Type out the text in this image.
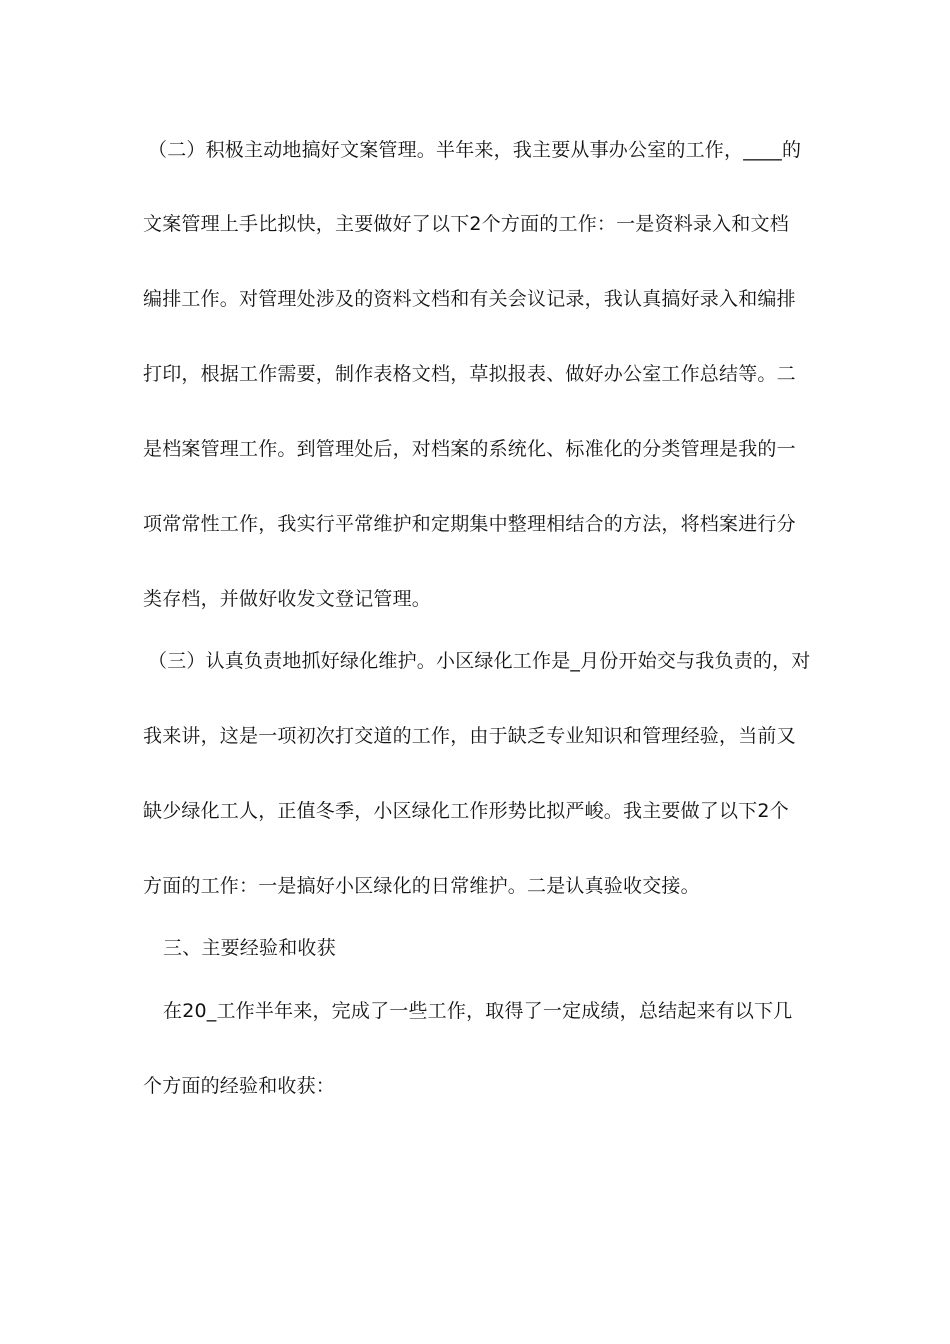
（二）积极主动地搞好文案管理。半年来，我主要从事办公室的工作，____的
文案管理上手比拟快，主要做好了以下2个方面的工作：一是资料录入和文档
编排工作。对管理处涉及的资料文档和有关会议记录，我认真搞好录入和编排
打印，根据工作需要，制作表格文档，草拟报表、做好办公室工作总结等。二
是档案管理工作。到管理处后，对档案的系统化、标准化的分类管理是我的一
项常常性工作，我实行平常维护和定期集中整理相结合的方法，将档案进行分
类存档，并做好收发文登记管理。
（三）认真负责地抓好绿化维护。小区绿化工作是_月份开始交与我负责的，对
我来讲，这是一项初次打交道的工作，由于缺乏专业知识和管理经验，当前又
缺少绿化工人，正值冬季，小区绿化工作形势比拟严峻。我主要做了以下2个
方面的工作：一是搞好小区绿化的日常维护。二是认真验收交接。
三、主要经验和收获
在20_工作半年来，完成了一些工作，取得了一定成绩，总结起来有以下几
个方面的经验和收获：
